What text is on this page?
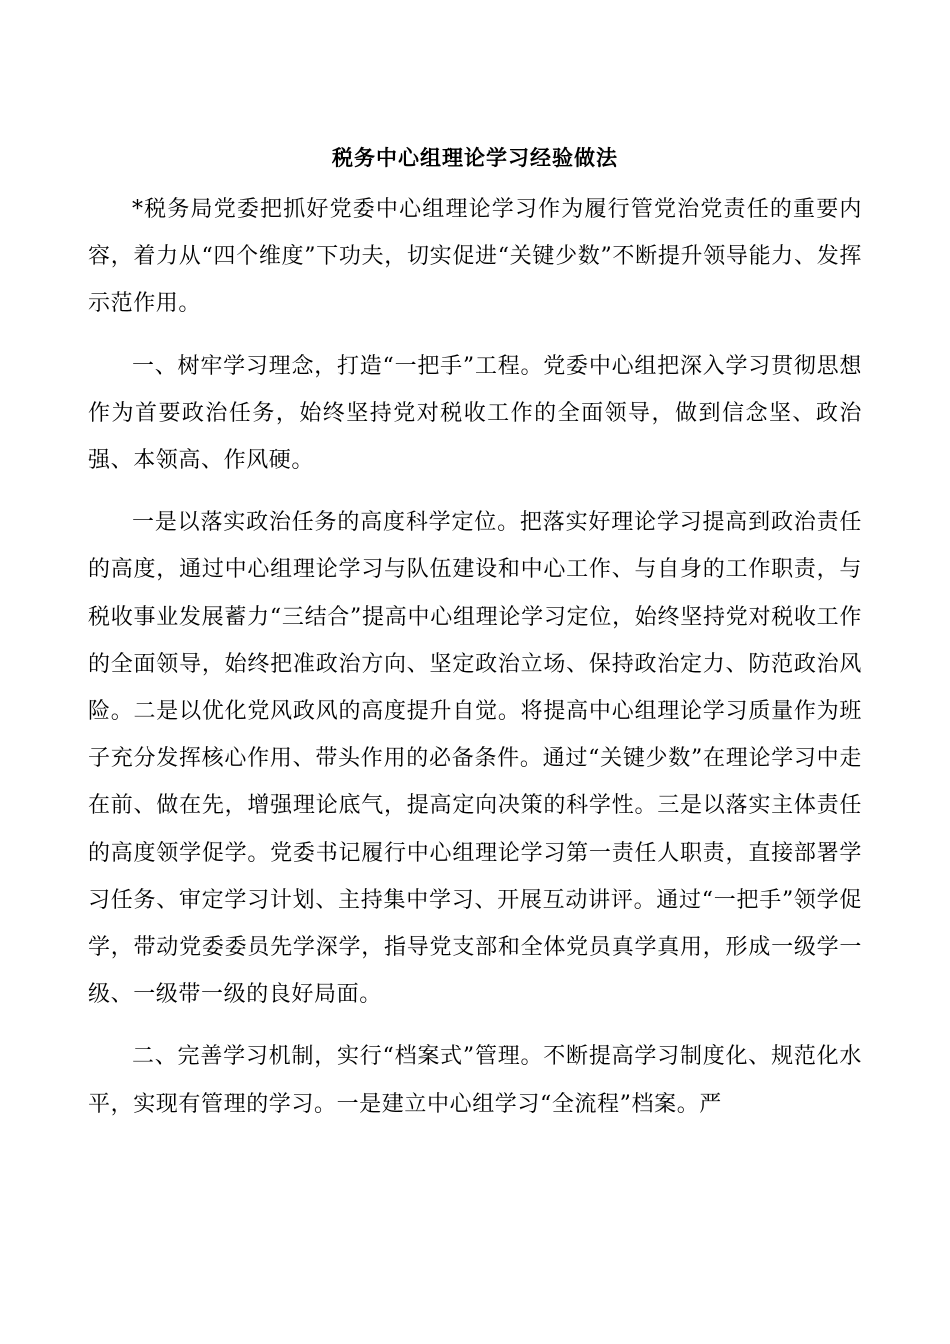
税务中心组理论学习经验做法

*税务局党委把抓好党委中心组理论学习作为履行管党治党责任的重要内容，着力从“四个维度”下功夫，切实促进“关键少数”不断提升领导能力、发挥示范作用。

一、树牢学习理念，打造“一把手”工程。党委中心组把深入学习贯彻思想作为首要政治任务，始终坚持党对税收工作的全面领导，做到信念坚、政治强、本领高、作风硬。

一是以落实政治任务的高度科学定位。把落实好理论学习提高到政治责任的高度，通过中心组理论学习与队伍建设和中心工作、与自身的工作职责，与税收事业发展蓄力“三结合”提高中心组理论学习定位，始终坚持党对税收工作的全面领导，始终把准政治方向、坚定政治立场、保持政治定力、防范政治风险。二是以优化党风政风的高度提升自觉。将提高中心组理论学习质量作为班子充分发挥核心作用、带头作用的必备条件。通过“关键少数”在理论学习中走在前、做在先，增强理论底气，提高定向决策的科学性。三是以落实主体责任的高度领学促学。党委书记履行中心组理论学习第一责任人职责，直接部署学习任务、审定学习计划、主持集中学习、开展互动讲评。通过“一把手”领学促学，带动党委委员先学深学，指导党支部和全体党员真学真用，形成一级学一级、一级带一级的良好局面。

二、完善学习机制，实行“档案式”管理。不断提高学习制度化、规范化水平，实现有管理的学习。一是建立中心组学习“全流程”档案。严
